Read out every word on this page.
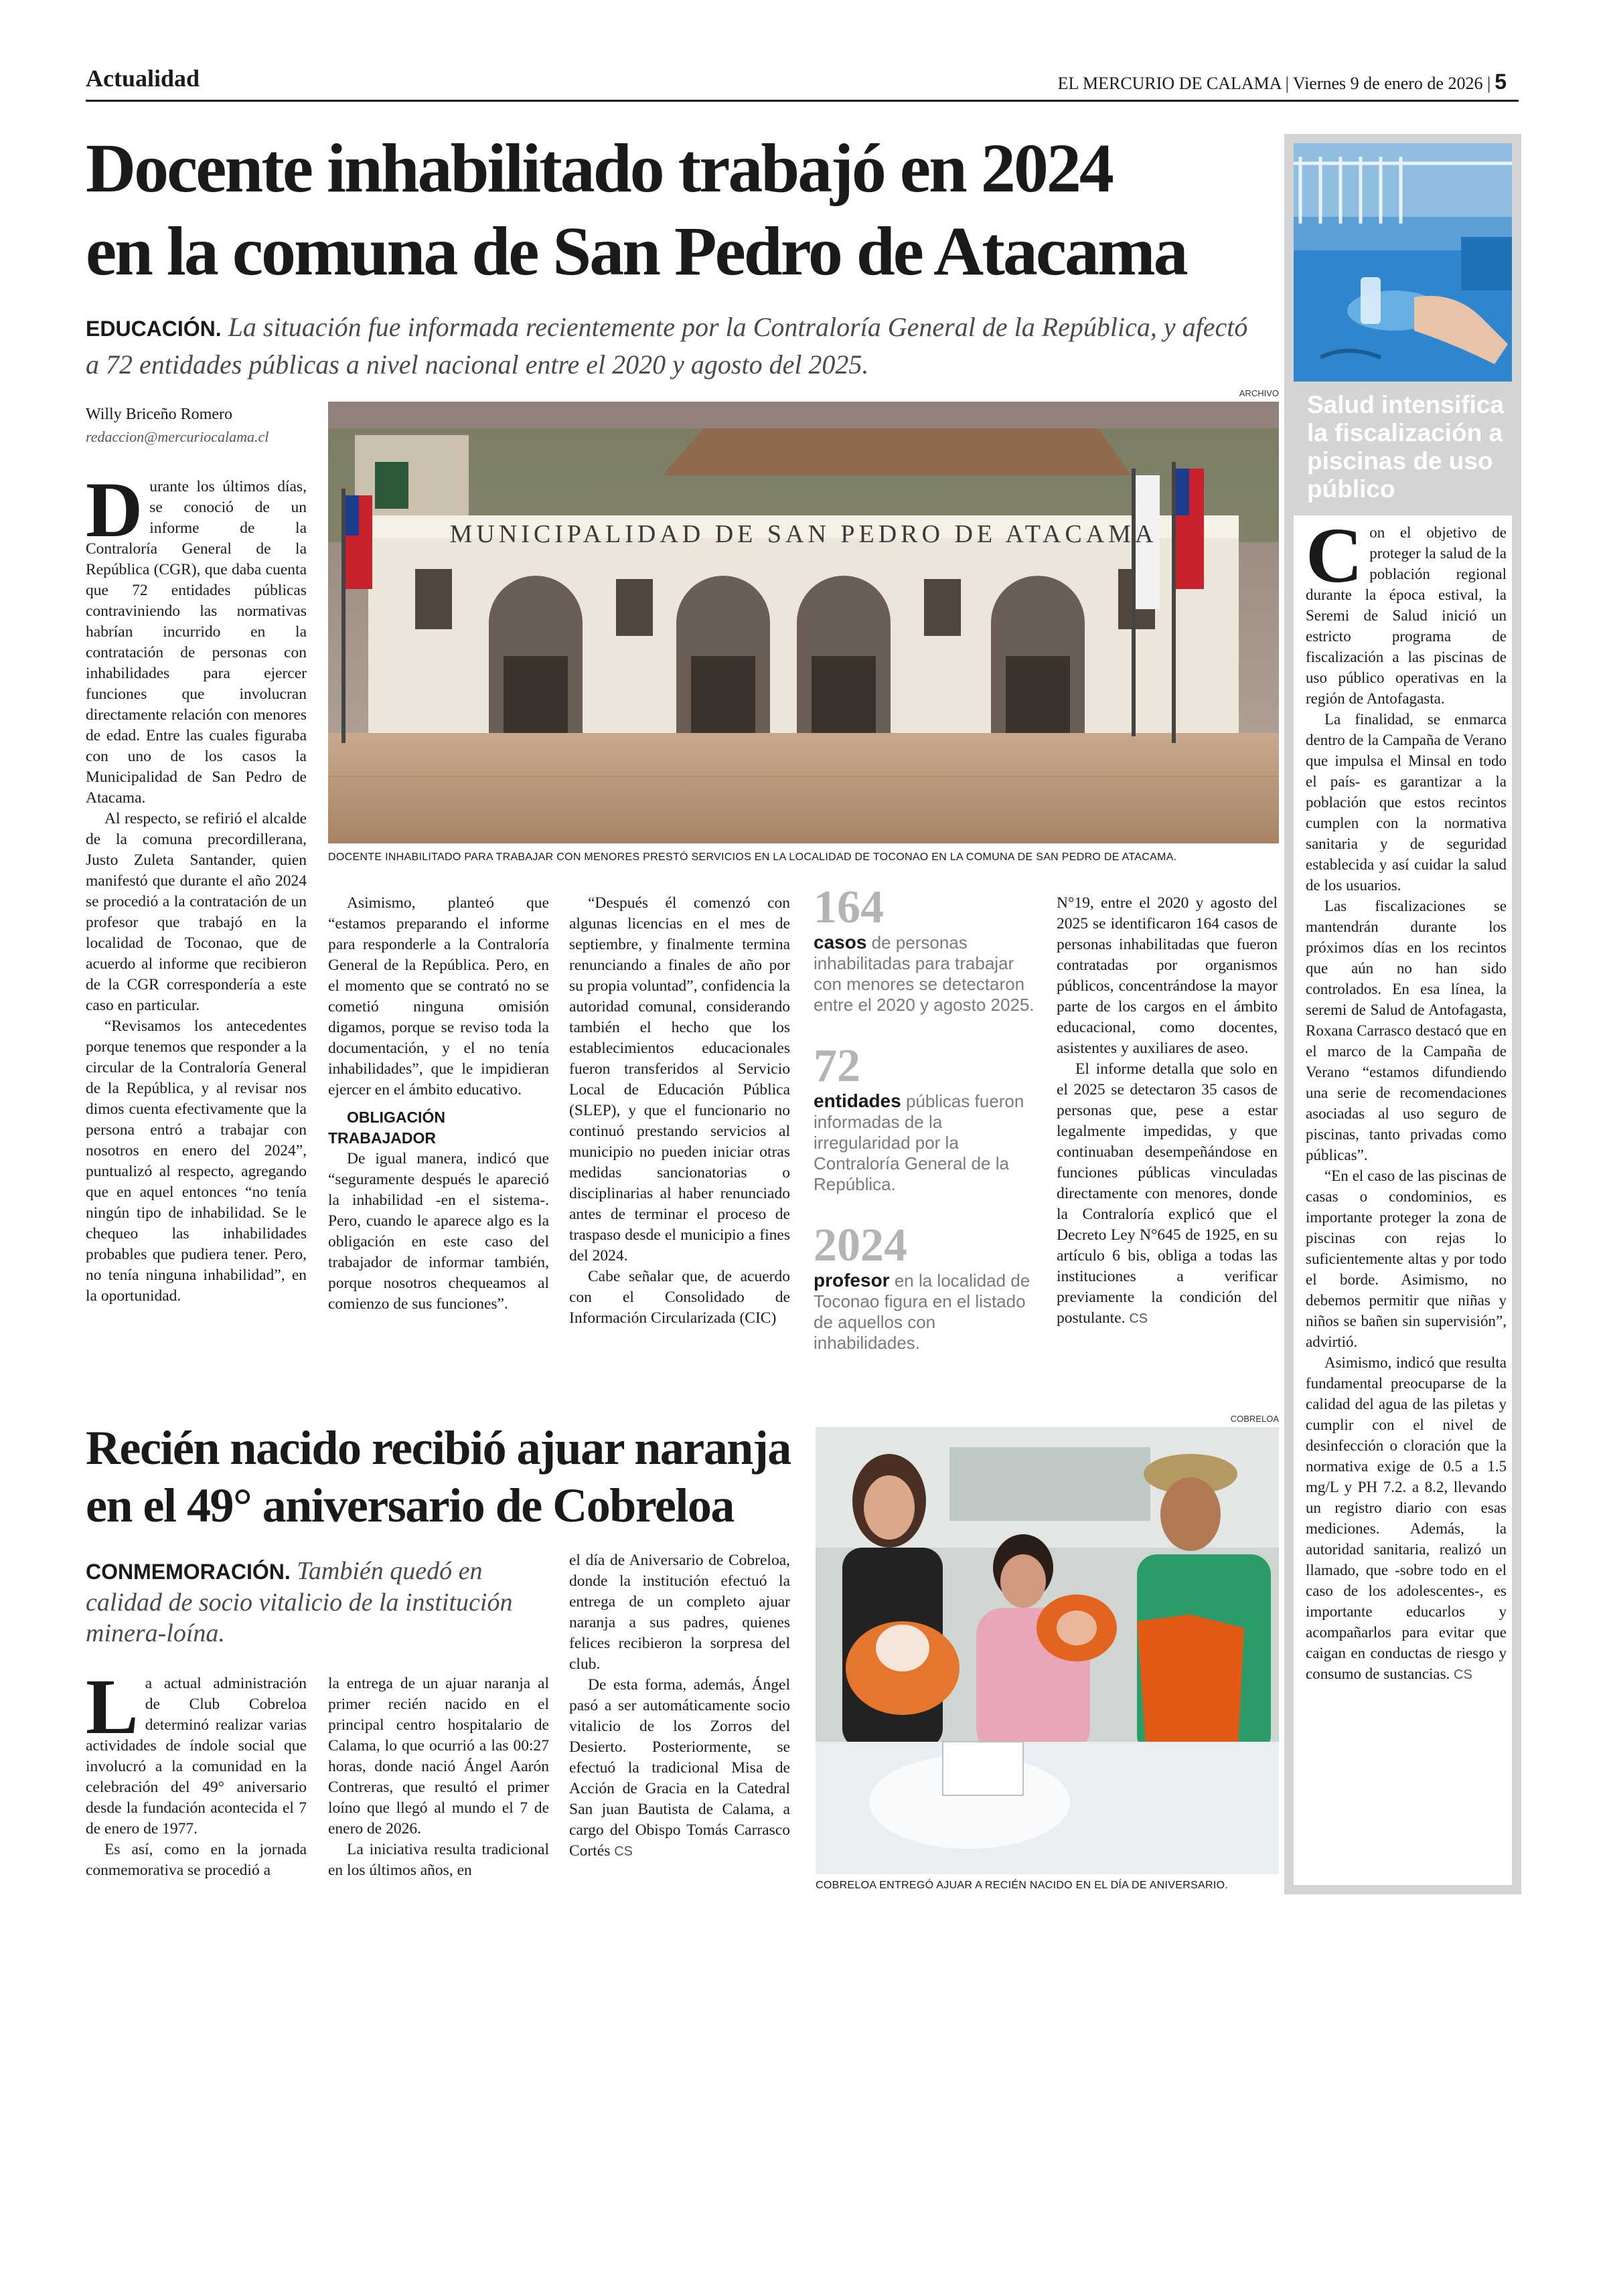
Actualidad	EL MERCURIO DE CALAMA | Viernes 9 de enero de 2026 | 5
Docente inhabilitado trabajó en 2024
en la comuna de San Pedro de Atacama
EDUCACIÓN. La situación fue informada recientemente por la Contraloría General de la República, y afectó a 72 entidades públicas a nivel nacional entre el 2020 y agosto del 2025.
Willy Briceño Romero
redaccion@mercuriocalama.cl
ARCHIVO
MUNICIPALIDAD DE SAN PEDRO DE ATACAMA
DOCENTE INHABILITADO PARA TRABAJAR CON MENORES PRESTÓ SERVICIOS EN LA LOCALIDAD DE TOCONAO EN LA COMUNA DE SAN PEDRO DE ATACAMA.

Durante los últimos días, se conoció de un informe de la Contraloría General de la República (CGR), que daba cuenta que 72 entidades públicas contraviniendo las normativas habrían incurrido en la contratación de personas con inhabilidades para ejercer funciones que involucran directamente relación con menores de edad. Entre las cuales figuraba con uno de los casos la Municipalidad de San Pedro de Atacama.

Al respecto, se refirió el alcalde de la comuna precordillerana, Justo Zuleta Santander, quien manifestó que durante el año 2024 se procedió a la contratación de un profesor que trabajó en la localidad de Toconao, que de acuerdo al informe que recibieron de la CGR correspondería a este caso en particular.

“Revisamos los antecedentes porque tenemos que responder a la circular de la Contraloría General de la República, y al revisar nos dimos cuenta efectivamente que la persona entró a trabajar con nosotros en enero del 2024”, puntualizó al respecto, agregando que en aquel entonces “no tenía ningún tipo de inhabilidad. Se le chequeo las inhabilidades probables que pudiera tener. Pero, no tenía ninguna inhabilidad”, en la oportunidad.

Asimismo, planteó que “estamos preparando el informe para responderle a la Contraloría General de la República. Pero, en el momento que se contrató no se cometió ninguna omisión digamos, porque se reviso toda la documentación, y el no tenía inhabilidades”, que le impidieran ejercer en el ámbito educativo.

OBLIGACIÓN TRABAJADOR

De igual manera, indicó que “seguramente después le apareció la inhabilidad -en el sistema-. Pero, cuando le aparece algo es la obligación en este caso del trabajador de informar también, porque nosotros chequeamos al comienzo de sus funciones”.

“Después él comenzó con algunas licencias en el mes de septiembre, y finalmente termina renunciando a finales de año por su propia voluntad”, confidencia la autoridad comunal, considerando también el hecho que los establecimientos educacionales fueron transferidos al Servicio Local de Educación Pública (SLEP), y que el funcionario no continuó prestando servicios al municipio no pueden iniciar otras medidas sancionatorias o disciplinarias al haber renunciado antes de terminar el proceso de traspaso desde el municipio a fines del 2024.

Cabe señalar que, de acuerdo con el Consolidado de Información Circularizada (CIC)

164
casos de personas inhabilitadas para trabajar con menores se detectaron entre el 2020 y agosto 2025.
72
entidades públicas fueron informadas de la irregularidad por la Contraloría General de la República.
2024
profesor en la localidad de Toconao figura en el listado de aquellos con inhabilidades.

N°19, entre el 2020 y agosto del 2025 se identificaron 164 casos de personas inhabilitadas que fueron contratadas por organismos públicos, concentrándose la mayor parte de los cargos en el ámbito educacional, como docentes, asistentes y auxiliares de aseo.

El informe detalla que solo en el 2025 se detectaron 35 casos de personas que, pese a estar legalmente impedidas, y que continuaban desempeñándose en funciones públicas vinculadas directamente con menores, donde la Contraloría explicó que el Decreto Ley N°645 de 1925, en su artículo 6 bis, obliga a todas las instituciones a verificar previamente la condición del postulante. CS

Salud intensifica la fiscalización a piscinas de uso público

Con el objetivo de proteger la salud de la población regional durante la época estival, la Seremi de Salud inició un estricto programa de fiscalización a las piscinas de uso público operativas en la región de Antofagasta.

La finalidad, se enmarca dentro de la Campaña de Verano que impulsa el Minsal en todo el país- es garantizar a la población que estos recintos cumplen con la normativa sanitaria y de seguridad establecida y así cuidar la salud de los usuarios.

Las fiscalizaciones se mantendrán durante los próximos días en los recintos que aún no han sido controlados. En esa línea, la seremi de Salud de Antofagasta, Roxana Carrasco destacó que en el marco de la Campaña de Verano “estamos difundiendo una serie de recomendaciones asociadas al uso seguro de piscinas, tanto privadas como públicas”.

“En el caso de las piscinas de casas o condominios, es importante proteger la zona de piscinas con rejas lo suficientemente altas y por todo el borde. Asimismo, no debemos permitir que niñas y niños se bañen sin supervisión”, advirtió.

Asimismo, indicó que resulta fundamental preocuparse de la calidad del agua de las piletas y cumplir con el nivel de desinfección o cloración que la normativa exige de 0.5 a 1.5 mg/L y PH 7.2. a 8.2, llevando un registro diario con esas mediciones. Además, la autoridad sanitaria, realizó un llamado, que -sobre todo en el caso de los adolescentes-, es importante educarlos y acompañarlos para evitar que caigan en conductas de riesgo y consumo de sustancias. CS

Recién nacido recibió ajuar naranja
en el 49° aniversario de Cobreloa
CONMEMORACIÓN. También quedó en calidad de socio vitalicio de la institución minera-loína.

La actual administración de Club Cobreloa determinó realizar varias actividades de índole social que involucró a la comunidad en la celebración del 49° aniversario desde la fundación acontecida el 7 de enero de 1977.

Es así, como en la jornada conmemorativa se procedió a

la entrega de un ajuar naranja al primer recién nacido en el principal centro hospitalario de Calama, lo que ocurrió a las 00:27 horas, donde nació Ángel Aarón Contreras, que resultó el primer loíno que llegó al mundo el 7 de enero de 2026.

La iniciativa resulta tradicional en los últimos años, en

el día de Aniversario de Cobreloa, donde la institución efectuó la entrega de un completo ajuar naranja a sus padres, quienes felices recibieron la sorpresa del club.

De esta forma, además, Ángel pasó a ser automáticamente socio vitalicio de los Zorros del Desierto. Posteriormente, se efectuó la tradicional Misa de Acción de Gracia en la Catedral San juan Bautista de Calama, a cargo del Obispo Tomás Carrasco Cortés CS

COBRELOA
COBRELOA ENTREGÓ AJUAR A RECIÉN NACIDO EN EL DÍA DE ANIVERSARIO.
